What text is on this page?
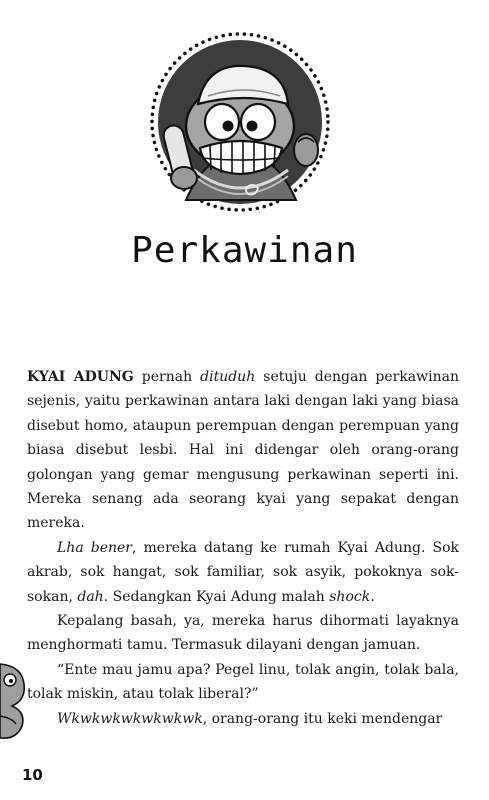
Perkawinan

KYAI ADUNG pernah dituduh setuju dengan perkawinan sejenis, yaitu perkawinan antara laki dengan laki yang biasa disebut homo, ataupun perempuan dengan perempuan yang biasa disebut lesbi. Hal ini didengar oleh orang-orang golongan yang gemar mengusung perkawinan seperti ini. Mereka senang ada seorang kyai yang sepakat dengan mereka.

Lha bener, mereka datang ke rumah Kyai Adung. Sok akrab, sok hangat, sok familiar, sok asyik, pokoknya sok-sokan, dah. Sedangkan Kyai Adung malah shock.

Kepalang basah, ya, mereka harus dihormati layaknya menghormati tamu. Termasuk dilayani dengan jamuan.

“Ente mau jamu apa? Pegel linu, tolak angin, tolak bala, tolak miskin, atau tolak liberal?”

Wkwkwkwkwkwkwk, orang-orang itu keki mendengar

10
